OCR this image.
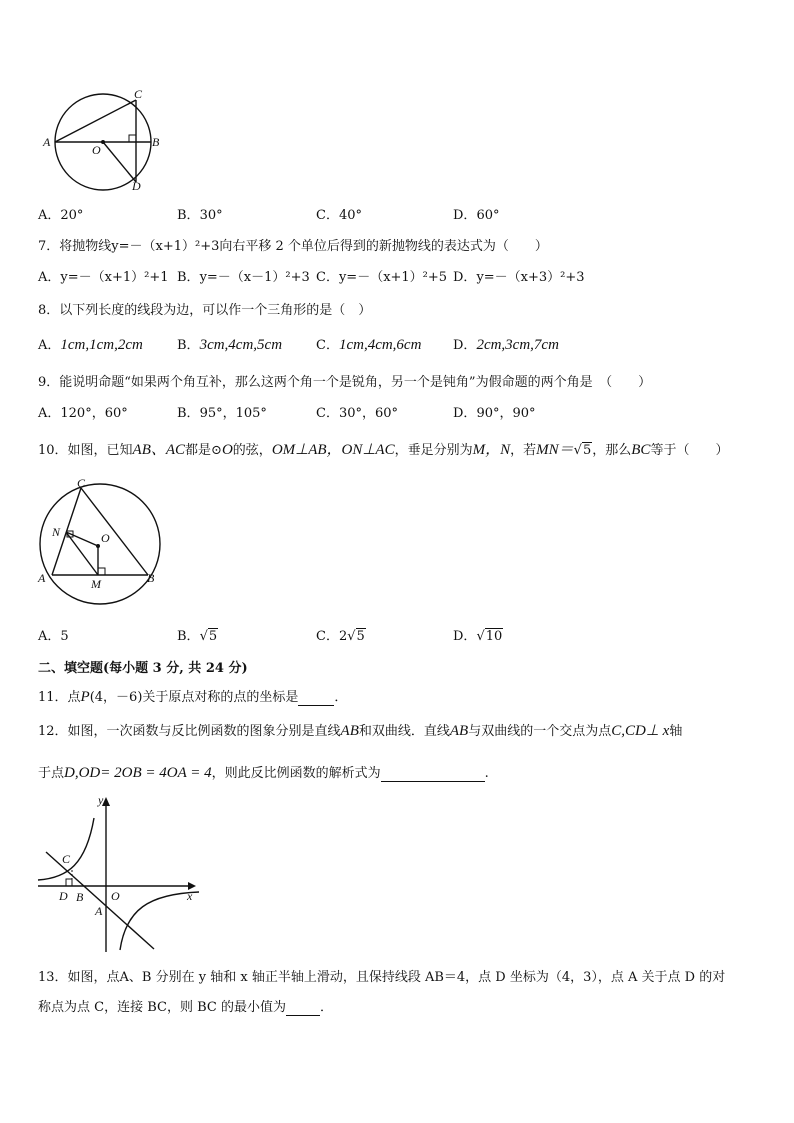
A
C
B
O
D
A．20°	B．30°	C．40°	D．60°
7．将抛物线y=－（x+1）²+3向右平移 2 个单位后得到的新抛物线的表达式为（　　）
A．y=－（x+1）²+1 B．y=－（x－1）²+3 C．y=－（x+1）²+5 D．y=－（x+3）²+3
8．以下列长度的线段为边，可以作一个三角形的是（　）
A．1cm,1cm,2cm	B．3cm,4cm,5cm	C．1cm,4cm,6cm D．2cm,3cm,7cm
9．能说明命题“如果两个角互补，那么这两个角一个是锐角，另一个是钝角”为假命题的两个角是　（　　）
A．120°，60°	B．95°，105°	C．30°，60°	D．90°，90°
10．如图，已知AB、AC都是⊙O的弦，OM⊥AB，ON⊥AC，垂足分别为M，N，若MN＝√5，那么BC等于（　　）
C
N	O
A	M	B
A．5	B．√5	C．2√5	D．√10
二、填空题(每小题 3 分, 共 24 分)
11．点P(4，－6)关于原点对称的点的坐标是	．
12．如图，一次函数与反比例函数的图象分别是直线AB和双曲线．直线AB与双曲线的一个交点为点C,CD⊥ x轴
于点D,OD= 2OB = 4OA = 4，则此反比例函数的解析式为	.
y
x
C
D B O
A
13．如图，点A、B 分别在 y 轴和 x 轴正半轴上滑动，且保持线段 AB＝4，点 D 坐标为（4，3），点 A 关于点 D 的对
称点为点 C，连接 BC，则 BC 的最小值为	．
